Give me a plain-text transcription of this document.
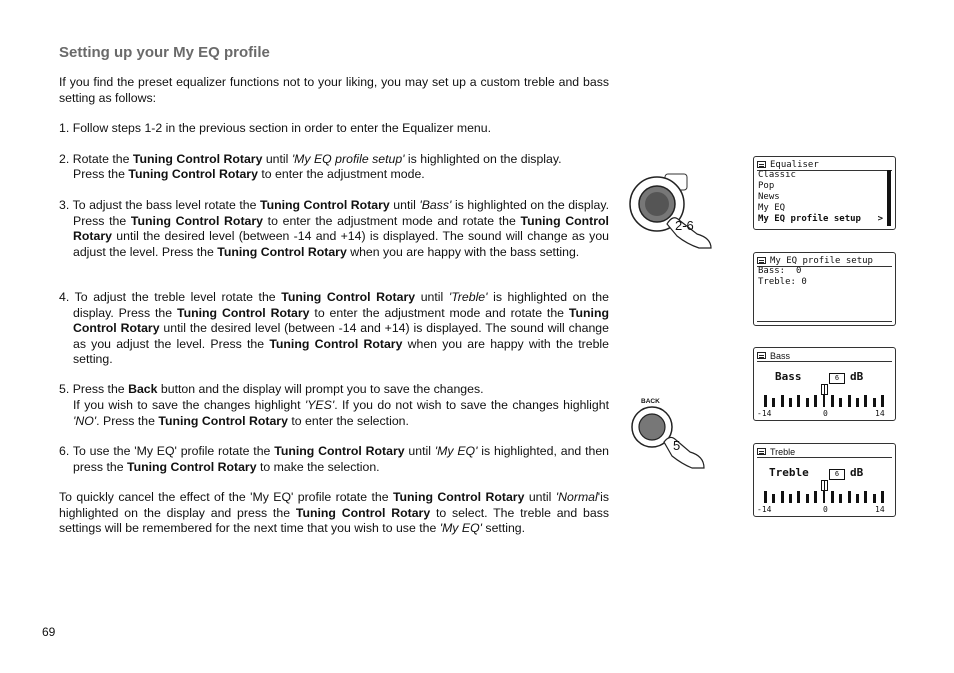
Setting up your My EQ profile

If you find the preset equalizer functions not to your liking, you may set up a custom treble and bass setting as follows:

1. Follow steps 1-2 in the previous section in order to enter the Equalizer menu.

2. Rotate the Tuning Control Rotary until 'My EQ profile setup' is highlighted on the display.

Press the Tuning Control Rotary to enter the adjustment mode.

3. To adjust the bass level rotate the Tuning Control Rotary until 'Bass' is highlighted on the display. Press the Tuning Control Rotary to enter the adjustment mode and rotate the Tuning Control Rotary until the desired level (between -14 and +14) is displayed. The sound will change as you adjust the level. Press the Tuning Control Rotary when you are happy with the bass setting.

4. To adjust the treble level rotate the Tuning Control Rotary until 'Treble' is highlighted on the display. Press the Tuning Control Rotary to enter the adjustment mode and rotate the Tuning Control Rotary until the desired level (between -14 and +14) is displayed. The sound will change as you adjust the level. Press the Tuning Control Rotary when you are happy with the treble setting.

5. Press the Back button and the display will prompt you to save the changes.

If you wish to save the changes highlight 'YES'. If you do not wish to save the changes highlight 'NO'. Press the Tuning Control Rotary to enter the selection.

6. To use the 'My EQ' profile rotate the Tuning Control Rotary until 'My EQ' is highlighted, and then press the Tuning Control Rotary to make the selection.

To quickly cancel the effect of the 'My EQ' profile rotate the Tuning Control Rotary until 'Normal'is highlighted on the display and press the Tuning Control Rotary to select. The treble and bass settings will be remembered for the next time that you wish to use the 'My EQ' setting.

69
2-6
BACK
5
Equaliser
Classic
Pop
News
My EQ
My EQ profile setup >
My EQ profile setup
Bass: 0
Treble: 0
Bass
Bass	6 dB
-14	0	14
Treble
Treble	6 dB
-14	0	14
